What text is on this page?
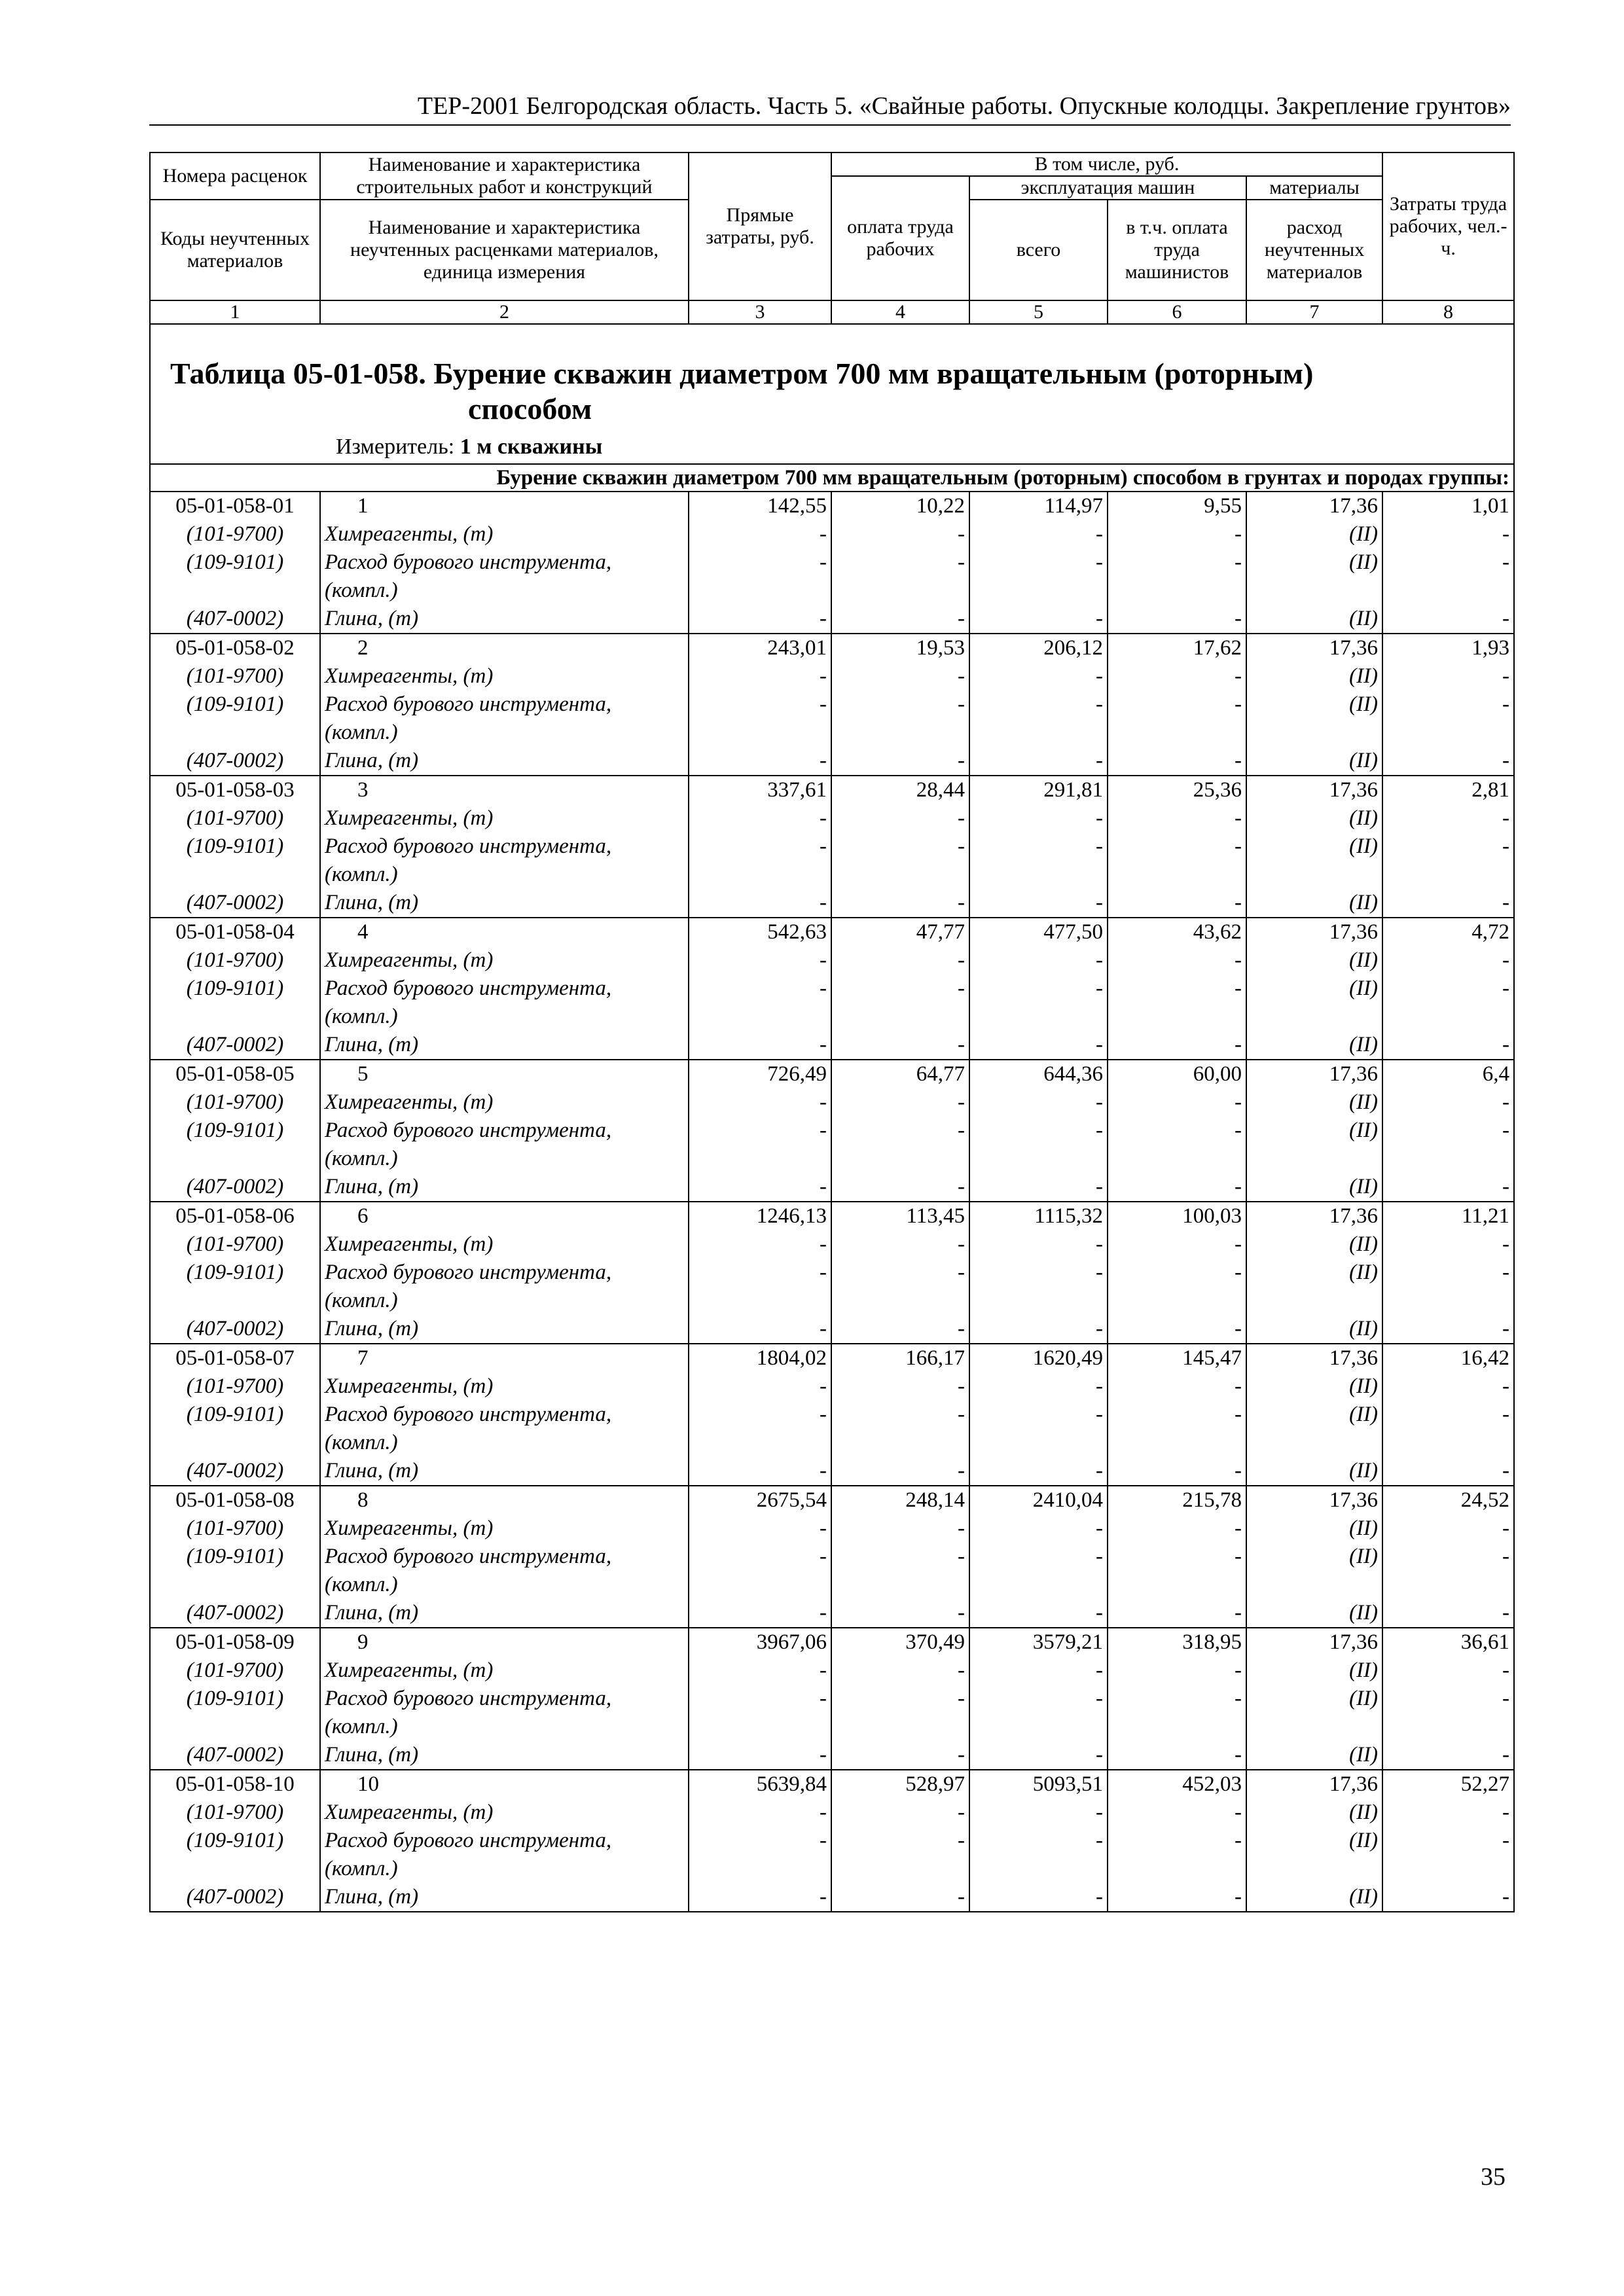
ТЕР-2001 Белгородская область. Часть 5. «Свайные работы. Опускные колодцы. Закрепление грунтов»
Номера расценок	Наименование и характеристика строительных работ и конструкций	Прямые затраты, руб.	В том числе, руб.				Затраты труда рабочих, чел.-ч.
			оплата труда рабочих	эксплуатация машин		материалы	
Коды неучтенных материалов	Наименование и характеристика неучтенных расценками материалов, единица измерения			всего	в т.ч. оплата труда машинистов	расход неучтенных материалов	

1	2	3	4	5	6	7	8

Таблица 05-01-058. Бурение скважин диаметром 700 мм вращательным (роторным)
способом
Измеритель: 1 м скважины							

Бурение скважин диаметром 700 мм вращательным (роторным) способом в грунтах и породах группы:							
05-01-058-01	1	142,55	10,22	114,97	9,55	17,36	1,01
(101-9700)	Химреагенты, (т)	-	-	-	-	(II)	-
(109-9101)	Расход бурового инструмента,	-	-	-	-	(II)	-
	(компл.)						
(407-0002)	Глина, (т)	-	-	-	-	(II)	-
05-01-058-02	2	243,01	19,53	206,12	17,62	17,36	1,93
(101-9700)	Химреагенты, (т)	-	-	-	-	(II)	-
(109-9101)	Расход бурового инструмента,	-	-	-	-	(II)	-
	(компл.)						
(407-0002)	Глина, (т)	-	-	-	-	(II)	-
05-01-058-03	3	337,61	28,44	291,81	25,36	17,36	2,81
(101-9700)	Химреагенты, (т)	-	-	-	-	(II)	-
(109-9101)	Расход бурового инструмента,	-	-	-	-	(II)	-
	(компл.)						
(407-0002)	Глина, (т)	-	-	-	-	(II)	-
05-01-058-04	4	542,63	47,77	477,50	43,62	17,36	4,72
(101-9700)	Химреагенты, (т)	-	-	-	-	(II)	-
(109-9101)	Расход бурового инструмента,	-	-	-	-	(II)	-
	(компл.)						
(407-0002)	Глина, (т)	-	-	-	-	(II)	-
05-01-058-05	5	726,49	64,77	644,36	60,00	17,36	6,4
(101-9700)	Химреагенты, (т)	-	-	-	-	(II)	-
(109-9101)	Расход бурового инструмента,	-	-	-	-	(II)	-
	(компл.)						
(407-0002)	Глина, (т)	-	-	-	-	(II)	-
05-01-058-06	6	1246,13	113,45	1115,32	100,03	17,36	11,21
(101-9700)	Химреагенты, (т)	-	-	-	-	(II)	-
(109-9101)	Расход бурового инструмента,	-	-	-	-	(II)	-
	(компл.)						
(407-0002)	Глина, (т)	-	-	-	-	(II)	-
05-01-058-07	7	1804,02	166,17	1620,49	145,47	17,36	16,42
(101-9700)	Химреагенты, (т)	-	-	-	-	(II)	-
(109-9101)	Расход бурового инструмента,	-	-	-	-	(II)	-
	(компл.)						
(407-0002)	Глина, (т)	-	-	-	-	(II)	-
05-01-058-08	8	2675,54	248,14	2410,04	215,78	17,36	24,52
(101-9700)	Химреагенты, (т)	-	-	-	-	(II)	-
(109-9101)	Расход бурового инструмента,	-	-	-	-	(II)	-
	(компл.)						
(407-0002)	Глина, (т)	-	-	-	-	(II)	-
05-01-058-09	9	3967,06	370,49	3579,21	318,95	17,36	36,61
(101-9700)	Химреагенты, (т)	-	-	-	-	(II)	-
(109-9101)	Расход бурового инструмента,	-	-	-	-	(II)	-
	(компл.)						
(407-0002)	Глина, (т)	-	-	-	-	(II)	-
05-01-058-10	10	5639,84	528,97	5093,51	452,03	17,36	52,27
(101-9700)	Химреагенты, (т)	-	-	-	-	(II)	-
(109-9101)	Расход бурового инструмента,	-	-	-	-	(II)	-
	(компл.)						
(407-0002)	Глина, (т)	-	-	-	-	(II)	-
35
